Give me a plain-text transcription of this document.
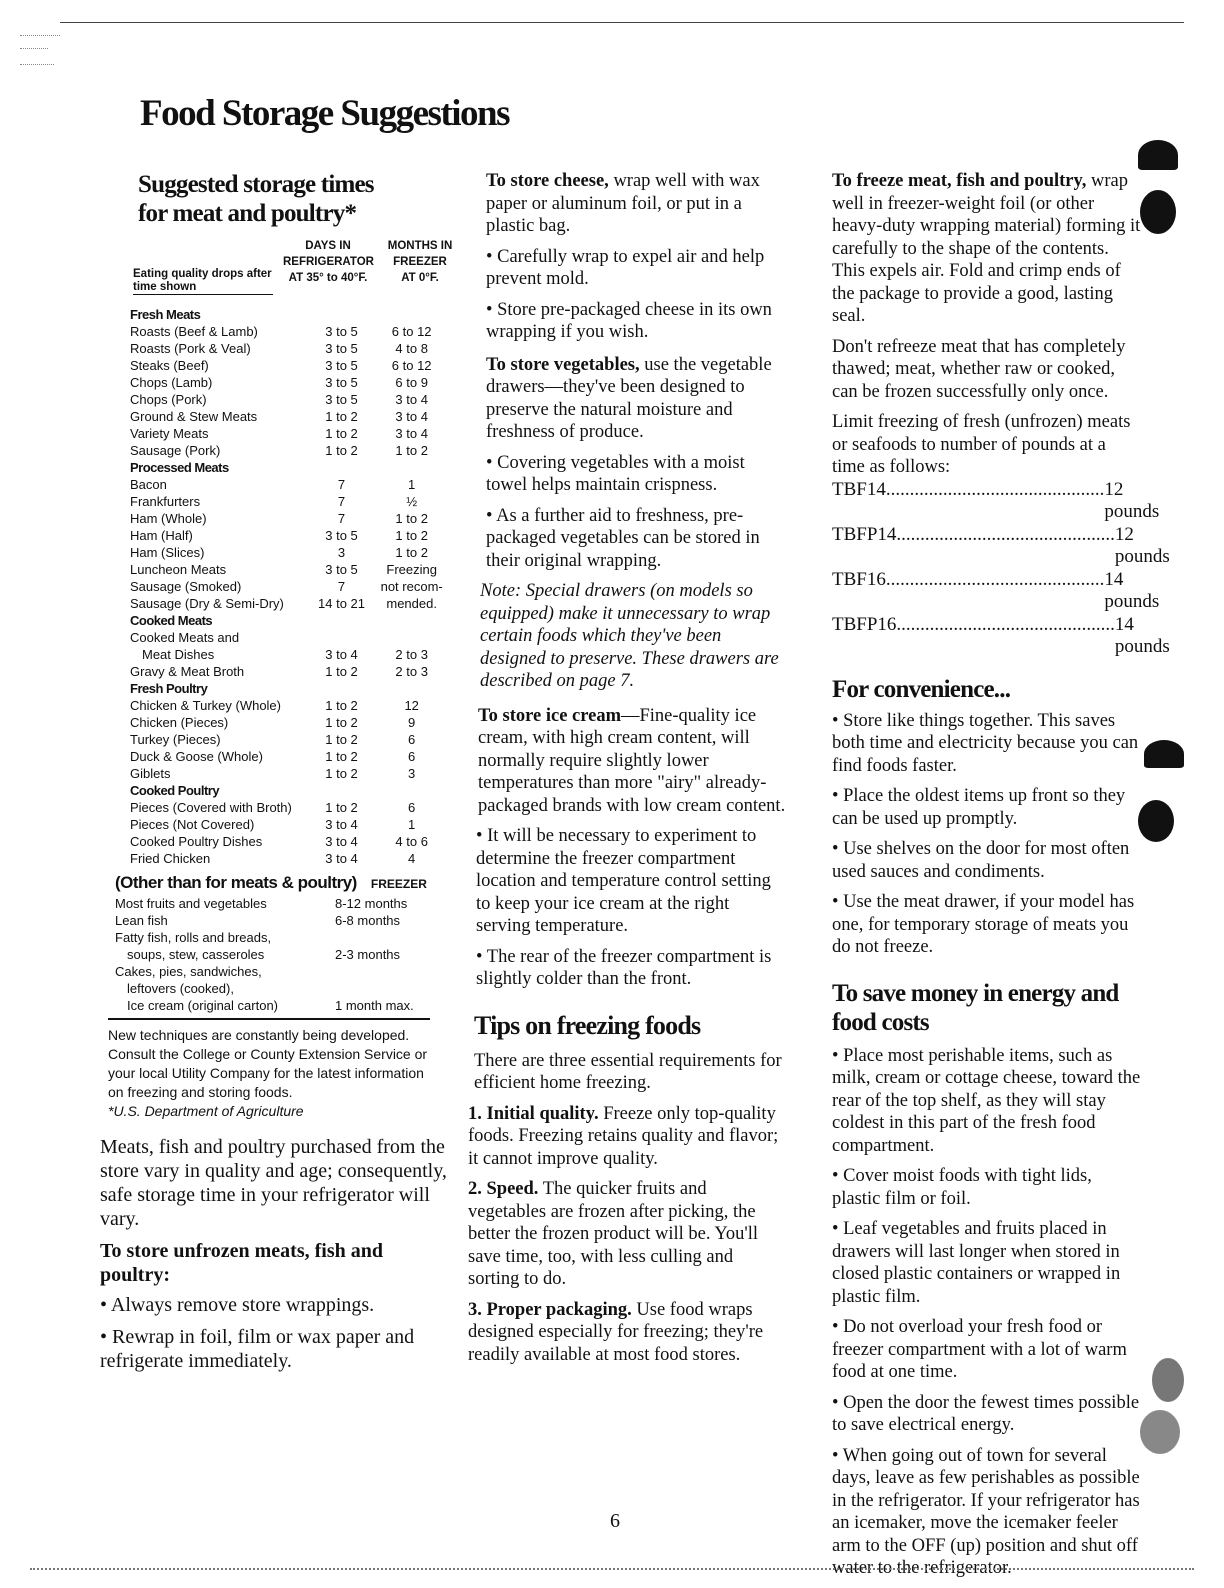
Food Storage Suggestions

Suggested storage times
for meat and poultry*

Eating quality drops after time shown
DAYS IN REFRIGERATOR AT 35° to 40°F.
MONTHS IN FREEZER AT 0°F.
Fresh Meats		
Roasts (Beef & Lamb)	3 to 5	6 to 12
Roasts (Pork & Veal)	3 to 5	4 to 8
Steaks (Beef)	3 to 5	6 to 12
Chops (Lamb)	3 to 5	6 to 9
Chops (Pork)	3 to 5	3 to 4
Ground & Stew Meats	1 to 2	3 to 4
Variety Meats	1 to 2	3 to 4
Sausage (Pork)	1 to 2	1 to 2
Processed Meats		
Bacon	7	1
Frankfurters	7	½
Ham (Whole)	7	1 to 2
Ham (Half)	3 to 5	1 to 2
Ham (Slices)	3	1 to 2
Luncheon Meats	3 to 5	Freezing
Sausage (Smoked)	7	not recom-
Sausage (Dry & Semi-Dry)	14 to 21	mended.
Cooked Meats		
Cooked Meats and		
Meat Dishes	3 to 4	2 to 3
Gravy & Meat Broth	1 to 2	2 to 3
Fresh Poultry		
Chicken & Turkey (Whole)	1 to 2	12
Chicken (Pieces)	1 to 2	9
Turkey (Pieces)	1 to 2	6
Duck & Goose (Whole)	1 to 2	6
Giblets	1 to 2	3
Cooked Poultry		
Pieces (Covered with Broth)	1 to 2	6
Pieces (Not Covered)	3 to 4	1
Cooked Poultry Dishes	3 to 4	4 to 6
Fried Chicken	3 to 4	4
(Other than for meats & poultry) FREEZER
Most fruits and vegetables	8-12 months
Lean fish	6-8 months
Fatty fish, rolls and breads,
soups, stew, casseroles	2-3 months
Cakes, pies, sandwiches,
leftovers (cooked),
Ice cream (original carton)	1 month max.

New techniques are constantly being developed. Consult the College or County Extension Service or your local Utility Company for the latest information on freezing and storing foods.

*U.S. Department of Agriculture

Meats, fish and poultry purchased from the store vary in quality and age; consequently, safe storage time in your refrigerator will vary.

To store unfrozen meats, fish and poultry:

• Always remove store wrappings.

• Rewrap in foil, film or wax paper and refrigerate immediately.

To store cheese, wrap well with wax paper or aluminum foil, or put in a plastic bag.

• Carefully wrap to expel air and help prevent mold.

• Store pre-packaged cheese in its own wrapping if you wish.

To store vegetables, use the vegetable drawers—they've been designed to preserve the natural moisture and freshness of produce.

• Covering vegetables with a moist towel helps maintain crispness.

• As a further aid to freshness, pre-packaged vegetables can be stored in their original wrapping.

Note: Special drawers (on models so equipped) make it unnecessary to wrap certain foods which they've been designed to preserve. These drawers are described on page 7.

To store ice cream—Fine-quality ice cream, with high cream content, will normally require slightly lower temperatures than more "airy" already-packaged brands with low cream content.

• It will be necessary to experiment to determine the freezer compartment location and temperature control setting to keep your ice cream at the right serving temperature.

• The rear of the freezer compartment is slightly colder than the front.

Tips on freezing foods

There are three essential requirements for efficient home freezing.

1. Initial quality. Freeze only top-quality foods. Freezing retains quality and flavor; it cannot improve quality.

2. Speed. The quicker fruits and vegetables are frozen after picking, the better the frozen product will be. You'll save time, too, with less culling and sorting to do.

3. Proper packaging. Use food wraps designed especially for freezing; they're readily available at most food stores.

To freeze meat, fish and poultry, wrap well in freezer-weight foil (or other heavy-duty wrapping material) forming it carefully to the shape of the contents. This expels air. Fold and crimp ends of the package to provide a good, lasting seal.

Don't refreeze meat that has completely thawed; meat, whether raw or cooked, can be frozen successfully only once.

Limit freezing of fresh (unfrozen) meats or seafoods to number of pounds at a time as follows:

TBF14 .............................................. 12 pounds
TBFP14 .............................................. 12 pounds
TBF16 .............................................. 14 pounds
TBFP16 .............................................. 14 pounds

For convenience...

• Store like things together. This saves both time and electricity because you can find foods faster.

• Place the oldest items up front so they can be used up promptly.

• Use shelves on the door for most often used sauces and condiments.

• Use the meat drawer, if your model has one, for temporary storage of meats you do not freeze.

To save money in energy and food costs

• Place most perishable items, such as milk, cream or cottage cheese, toward the rear of the top shelf, as they will stay coldest in this part of the fresh food compartment.

• Cover moist foods with tight lids, plastic film or foil.

• Leaf vegetables and fruits placed in drawers will last longer when stored in closed plastic containers or wrapped in plastic film.

• Do not overload your fresh food or freezer compartment with a lot of warm food at one time.

• Open the door the fewest times possible to save electrical energy.

• When going out of town for several days, leave as few perishables as possible in the refrigerator. If your refrigerator has an icemaker, move the icemaker feeler arm to the OFF (up) position and shut off water to the refrigerator.

6
